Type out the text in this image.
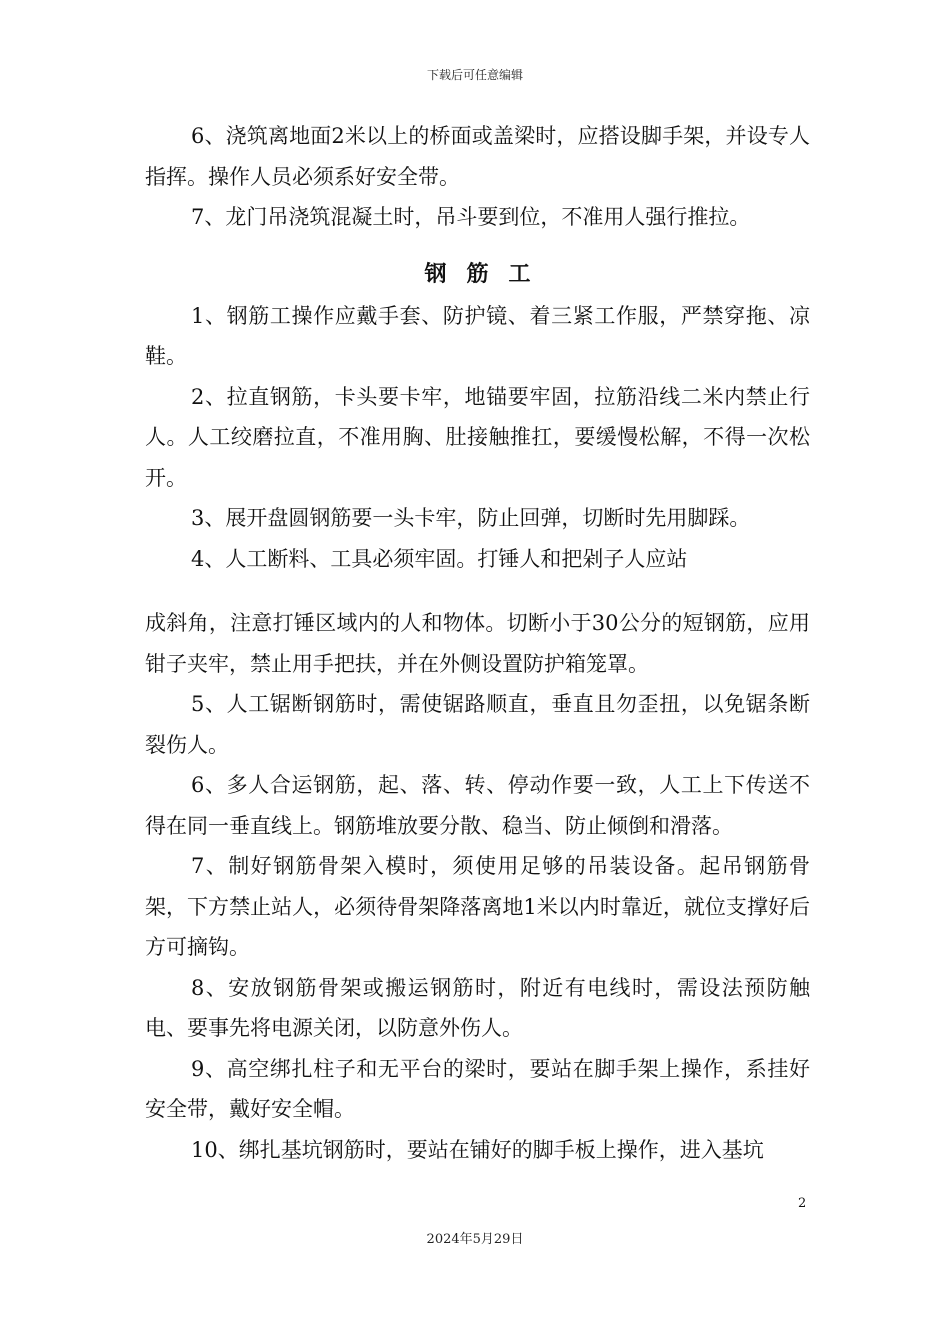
下载后可任意编辑

6、浇筑离地面2米以上的桥面或盖梁时，应搭设脚手架，并设专人指挥。操作人员必须系好安全带。

7、龙门吊浇筑混凝土时，吊斗要到位，不准用人强行推拉。

钢筋工

1、钢筋工操作应戴手套、防护镜、着三紧工作服，严禁穿拖、凉鞋。

2、拉直钢筋，卡头要卡牢，地锚要牢固，拉筋沿线二米内禁止行人。人工绞磨拉直，不准用胸、肚接触推扛，要缓慢松解，不得一次松开。

3、展开盘圆钢筋要一头卡牢，防止回弹，切断时先用脚踩。

4、人工断料、工具必须牢固。打锤人和把剁子人应站

成斜角，注意打锤区域内的人和物体。切断小于30公分的短钢筋，应用钳子夹牢，禁止用手把扶，并在外侧设置防护箱笼罩。

5、人工锯断钢筋时，需使锯路顺直，垂直且勿歪扭，以免锯条断裂伤人。

6、多人合运钢筋，起、落、转、停动作要一致，人工上下传送不得在同一垂直线上。钢筋堆放要分散、稳当、防止倾倒和滑落。

7、制好钢筋骨架入模时，须使用足够的吊装设备。起吊钢筋骨架，下方禁止站人，必须待骨架降落离地1米以内时靠近，就位支撑好后方可摘钩。

8、安放钢筋骨架或搬运钢筋时，附近有电线时，需设法预防触电、要事先将电源关闭，以防意外伤人。

9、高空绑扎柱子和无平台的梁时，要站在脚手架上操作，系挂好安全带，戴好安全帽。

10、绑扎基坑钢筋时，要站在铺好的脚手板上操作，进入基坑

2
2024年5月29日
